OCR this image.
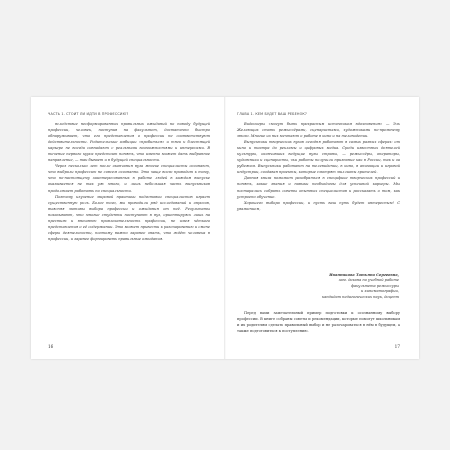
ЧАСТЬ 1. СТОИТ ЛИ ИДТИ В ПРОФЕССИЮ?

вследствие несформированных правильных ожиданий по поводу будущей профессии, человек, поступив на факультет, достаточно быстро обнаруживает, что его представления о профессии не соответствуют действительности. Родительские амбиции «пробиться» и тяга к блестящей карьере не всегда совпадают с реальными возможностями и интересами. В течение первого курса предстоит понять, что именно может дать выбранное направление, — так бывает и в будущей специальности.

Через несколько лет после окончания вуза многие специалисты осознают, что выбрали профессию не совсем осознанно. Это чаще всего приводит к тому, что по-настоящему заинтересованных в работе людей в каждом выпуске оказывается не так уж много, и лишь небольшая часть выпускников продолжает работать по специальности.

Поэтому изучение мировой практики подготовки специалистов играет существенную роль. Более того, мы проводили ряд исследований и опросов, выясняя мотивы выбора профессии и ожидания от неё. Результаты показывают, что многие студенты поступают в вуз, ориентируясь лишь на престиж и внешнюю привлекательность профессии, не имея чёткого представления о её содержании. Это может привести к разочарованию и смене сферы деятельности, поэтому важно заранее знать, что ждёт человека в профессии, и заранее формировать правильные ожидания.

16
ГЛАВА 1. КЕМ БУДЕТ ВАШ РЕБЕНОК?

Видеоигры «могут быть прекрасным источником вдохновения» — Эль Желающих стать режиссёрами, сценаристами, художниками по-прежнему много. Многие из них мечтают о работе в кино и на телевидении.

Выпускники творческих вузов сегодня работают в самых разных сферах: от кино и театра до рекламы и цифровых медиа. Среди известных деятелей культуры, окончивших ведущие вузы страны, — режиссёры, операторы, художники и сценаристы, чьи работы получили признание как в России, так и за рубежом. Выпускники работают на телевидении, в кино, в анимации и игровой индустрии, создавая проекты, которые смотрят миллионы зрителей.

Данная книга поможет разобраться в специфике творческих профессий и понять, какие знания и навыки необходимы для успешной карьеры. Мы постарались собрать советы опытных специалистов и рассказать о том, как устроено обучение.

Хорошего выбора профессии, и пусть ваш путь будет интересным! С уважением,

Иванникова Татьяна Сергеевна,
зам. декана по учебной работе
факультета режиссуры
и кинематографии,
кандидат педагогических наук, доцент

Перед вами замечательный пример подготовки к осознанному выбору профессии. В книге собраны советы и рекомендации, которые помогут школьникам и их родителям сделать правильный выбор и не разочароваться в нём в будущем, а также подготовиться к поступлению.

17
